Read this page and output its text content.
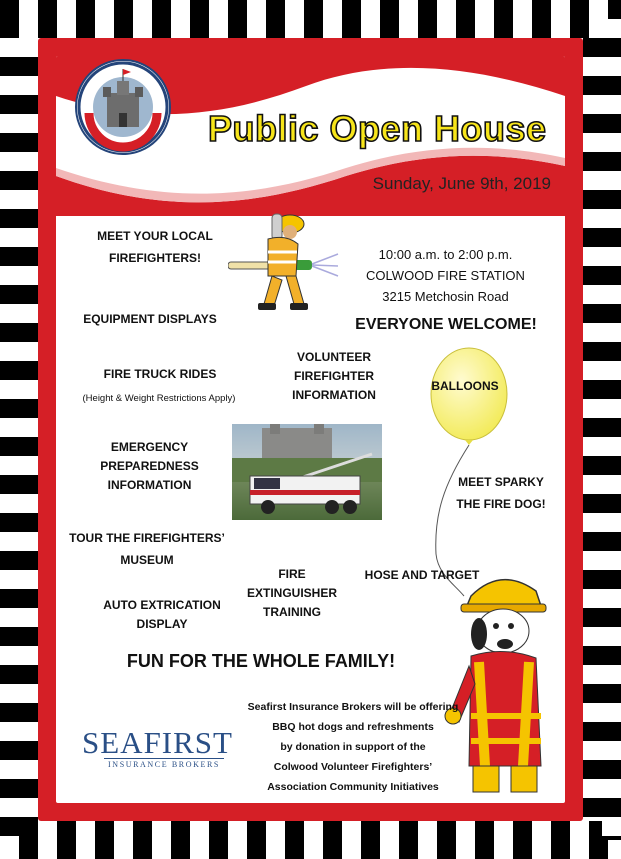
Public Open House
Sunday, June 9th, 2019
MEET YOUR LOCAL
FIREFIGHTERS!
EQUIPMENT DISPLAYS
10:00 a.m. to 2:00 p.m.
COLWOOD FIRE STATION
3215 Metchosin Road
EVERYONE WELCOME!
FIRE TRUCK RIDES
(Height & Weight Restrictions Apply)
VOLUNTEER
FIREFIGHTER
INFORMATION
BALLOONS
EMERGENCY
PREPAREDNESS
INFORMATION	MEET SPARKY
THE FIRE DOG!
TOUR THE FIREFIGHTERS’
MUSEUM
FIRE
EXTINGUISHER
TRAINING
HOSE AND TARGET
AUTO EXTRICATION
DISPLAY
FUN FOR THE WHOLE FAMILY!
SEAFIRST
INSURANCE BROKERS
Seafirst Insurance Brokers will be offering
BBQ hot dogs and refreshments
by donation in support of the
Colwood Volunteer Firefighters’
Association Community Initiatives
